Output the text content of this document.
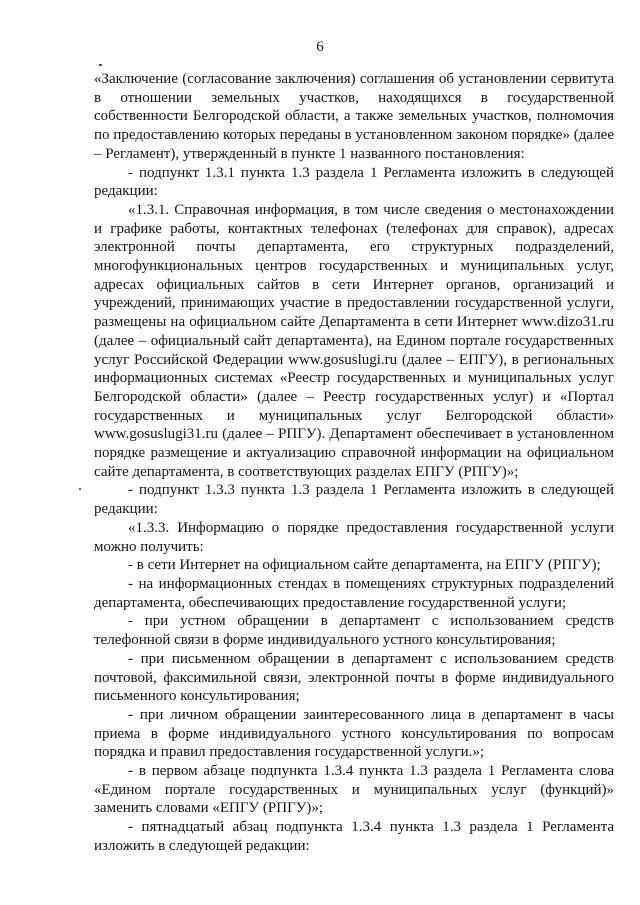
6

«Заключение (согласование заключения) соглашения об установлении сервитута в отношении земельных участков, находящихся в государственной собственности Белгородской области, а также земельных участков, полномочия по предоставлению которых переданы в установленном законом порядке» (далее – Регламент), утвержденный в пункте 1 названного постановления:

- подпункт 1.3.1 пункта 1.3 раздела 1 Регламента изложить в следующей редакции:

«1.3.1. Справочная информация, в том числе сведения о местонахождении и графике работы, контактных телефонах (телефонах для справок), адресах электронной почты департамента, его структурных подразделений, многофункциональных центров государственных и муниципальных услуг, адресах официальных сайтов в сети Интернет органов, организаций и учреждений, принимающих участие в предоставлении государственной услуги, размещены на официальном сайте Департамента в сети Интернет www.dizo31.ru (далее – официальный сайт департамента), на Едином портале государственных услуг Российской Федерации www.gosuslugi.ru (далее – ЕПГУ), в региональных информационных системах «Реестр государственных и муниципальных услуг Белгородской области» (далее – Реестр государственных услуг) и «Портал государственных и муниципальных услуг Белгородской области» www.gosuslugi31.ru (далее – РПГУ). Департамент обеспечивает в установленном порядке размещение и актуализацию справочной информации на официальном сайте департамента, в соответствующих разделах ЕПГУ (РПГУ)»;

- подпункт 1.3.3 пункта 1.3 раздела 1 Регламента изложить в следующей редакции:

«1.3.3. Информацию о порядке предоставления государственной услуги можно получить:

- в сети Интернет на официальном сайте департамента, на ЕПГУ (РПГУ);

- на информационных стендах в помещениях структурных подразделений департамента, обеспечивающих предоставление государственной услуги;

- при устном обращении в департамент с использованием средств телефонной связи в форме индивидуального устного консультирования;

- при письменном обращении в департамент с использованием средств почтовой, факсимильной связи, электронной почты в форме индивидуального письменного консультирования;

- при личном обращении заинтересованного лица в департамент в часы приема в форме индивидуального устного консультирования по вопросам порядка и правил предоставления государственной услуги.»;

- в первом абзаце подпункта 1.3.4 пункта 1.3 раздела 1 Регламента слова «Едином портале государственных и муниципальных услуг (функций)» заменить словами «ЕПГУ (РПГУ)»;

- пятнадцатый абзац подпункта 1.3.4 пункта 1.3 раздела 1 Регламента изложить в следующей редакции:
